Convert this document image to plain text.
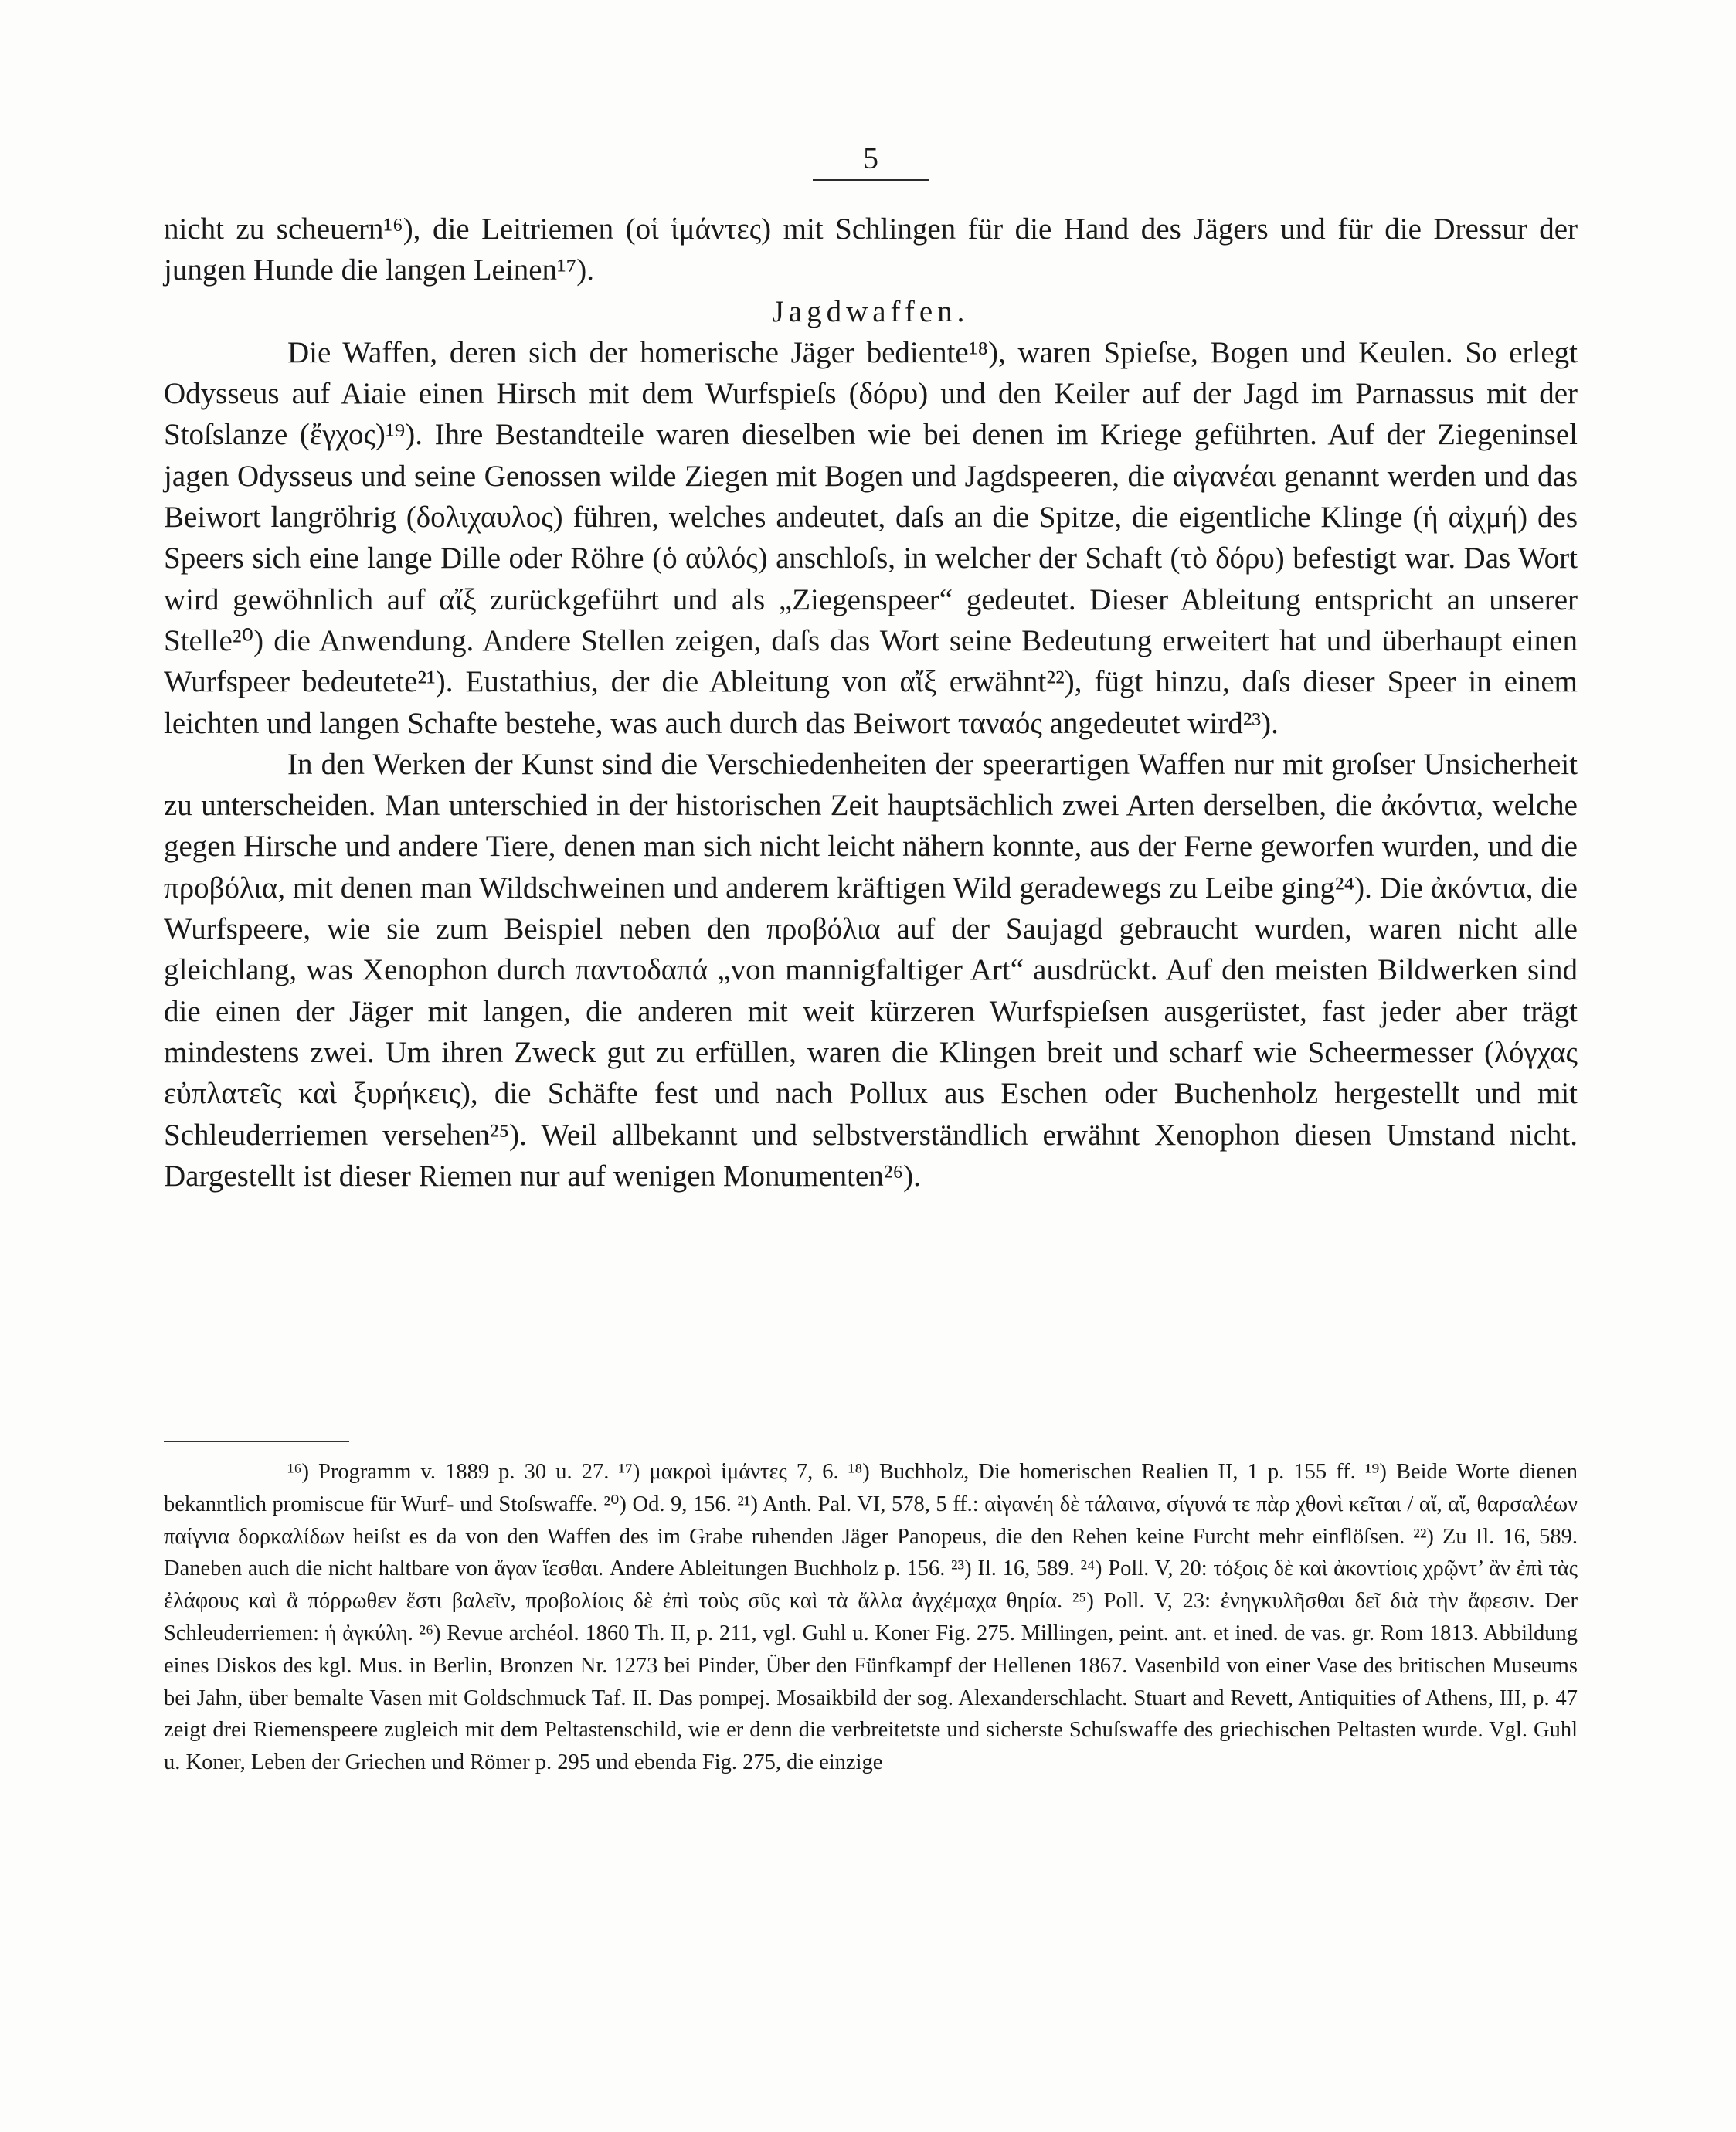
5

nicht zu scheuern¹⁶), die Leitriemen (οἱ ἱμάντες) mit Schlingen für die Hand des Jägers und für die Dressur der jungen Hunde die langen Leinen¹⁷).

Jagdwaffen.

Die Waffen, deren sich der homerische Jäger bediente¹⁸), waren Spieſse, Bogen und Keulen. So erlegt Odysseus auf Aiaie einen Hirsch mit dem Wurfspieſs (δόρυ) und den Keiler auf der Jagd im Parnassus mit der Stoſslanze (ἔγχος)¹⁹). Ihre Bestandteile waren dieselben wie bei denen im Kriege geführten. Auf der Ziegeninsel jagen Odysseus und seine Genossen wilde Ziegen mit Bogen und Jagdspeeren, die αἰγανέαι genannt werden und das Beiwort langröhrig (δολιχαυλος) führen, welches andeutet, daſs an die Spitze, die eigentliche Klinge (ἡ αἰχμή) des Speers sich eine lange Dille oder Röhre (ὁ αὐλός) anschloſs, in welcher der Schaft (τὸ δόρυ) befestigt war. Das Wort wird gewöhnlich auf αἴξ zurückgeführt und als „Ziegenspeer“ gedeutet. Dieser Ableitung entspricht an unserer Stelle²⁰) die Anwendung. Andere Stellen zeigen, daſs das Wort seine Bedeutung erweitert hat und überhaupt einen Wurfspeer bedeutete²¹). Eustathius, der die Ableitung von αἴξ erwähnt²²), fügt hinzu, daſs dieser Speer in einem leichten und langen Schafte bestehe, was auch durch das Beiwort ταναός angedeutet wird²³).

In den Werken der Kunst sind die Verschiedenheiten der speerartigen Waffen nur mit groſser Unsicherheit zu unterscheiden. Man unterschied in der historischen Zeit hauptsächlich zwei Arten derselben, die ἀκόντια, welche gegen Hirsche und andere Tiere, denen man sich nicht leicht nähern konnte, aus der Ferne geworfen wurden, und die προβόλια, mit denen man Wildschweinen und anderem kräftigen Wild geradewegs zu Leibe ging²⁴). Die ἀκόντια, die Wurfspeere, wie sie zum Beispiel neben den προβόλια auf der Saujagd gebraucht wurden, waren nicht alle gleichlang, was Xenophon durch παντοδαπά „von mannigfaltiger Art“ ausdrückt. Auf den meisten Bildwerken sind die einen der Jäger mit langen, die anderen mit weit kürzeren Wurfspieſsen ausgerüstet, fast jeder aber trägt mindestens zwei. Um ihren Zweck gut zu erfüllen, waren die Klingen breit und scharf wie Scheermesser (λόγχας εὐπλατεῖς καὶ ξυρήκεις), die Schäfte fest und nach Pollux aus Eschen oder Buchenholz hergestellt und mit Schleuderriemen versehen²⁵). Weil allbekannt und selbstverständlich erwähnt Xenophon diesen Umstand nicht. Dargestellt ist dieser Riemen nur auf wenigen Monumenten²⁶).

¹⁶) Programm v. 1889 p. 30 u. 27. ¹⁷) μακροὶ ἱμάντες 7, 6. ¹⁸) Buchholz, Die homerischen Realien II, 1 p. 155 ff. ¹⁹) Beide Worte dienen bekanntlich promiscue für Wurf- und Stoſswaffe. ²⁰) Od. 9, 156. ²¹) Anth. Pal. VI, 578, 5 ff.: αἰγανέη δὲ τάλαινα, σίγυνά τε πὰρ χθονὶ κεῖται / αἴ, αἴ, θαρσαλέων παίγνια δορκαλίδων heiſst es da von den Waffen des im Grabe ruhenden Jäger Panopeus, die den Rehen keine Furcht mehr einflöſsen. ²²) Zu Il. 16, 589. Daneben auch die nicht haltbare von ἄγαν ἵεσθαι. Andere Ableitungen Buchholz p. 156. ²³) Il. 16, 589. ²⁴) Poll. V, 20: τόξοις δὲ καὶ ἀκοντίοις χρῷντ’ ἂν ἐπὶ τὰς ἐλάφους καὶ ἃ πόρρωθεν ἔστι βαλεῖν, προβολίοις δὲ ἐπὶ τοὺς σῦς καὶ τὰ ἄλλα ἀγχέμαχα θηρία. ²⁵) Poll. V, 23: ἐνηγκυλῆσθαι δεῖ διὰ τὴν ἄφεσιν. Der Schleuderriemen: ἡ ἀγκύλη. ²⁶) Revue archéol. 1860 Th. II, p. 211, vgl. Guhl u. Koner Fig. 275. Millingen, peint. ant. et ined. de vas. gr. Rom 1813. Abbildung eines Diskos des kgl. Mus. in Berlin, Bronzen Nr. 1273 bei Pinder, Über den Fünfkampf der Hellenen 1867. Vasenbild von einer Vase des britischen Museums bei Jahn, über bemalte Vasen mit Goldschmuck Taf. II. Das pompej. Mosaikbild der sog. Alexanderschlacht. Stuart and Revett, Antiquities of Athens, III, p. 47 zeigt drei Riemenspeere zugleich mit dem Peltastenschild, wie er denn die verbreitetste und sicherste Schuſswaffe des griechischen Peltasten wurde. Vgl. Guhl u. Koner, Leben der Griechen und Römer p. 295 und ebenda Fig. 275, die einzige
